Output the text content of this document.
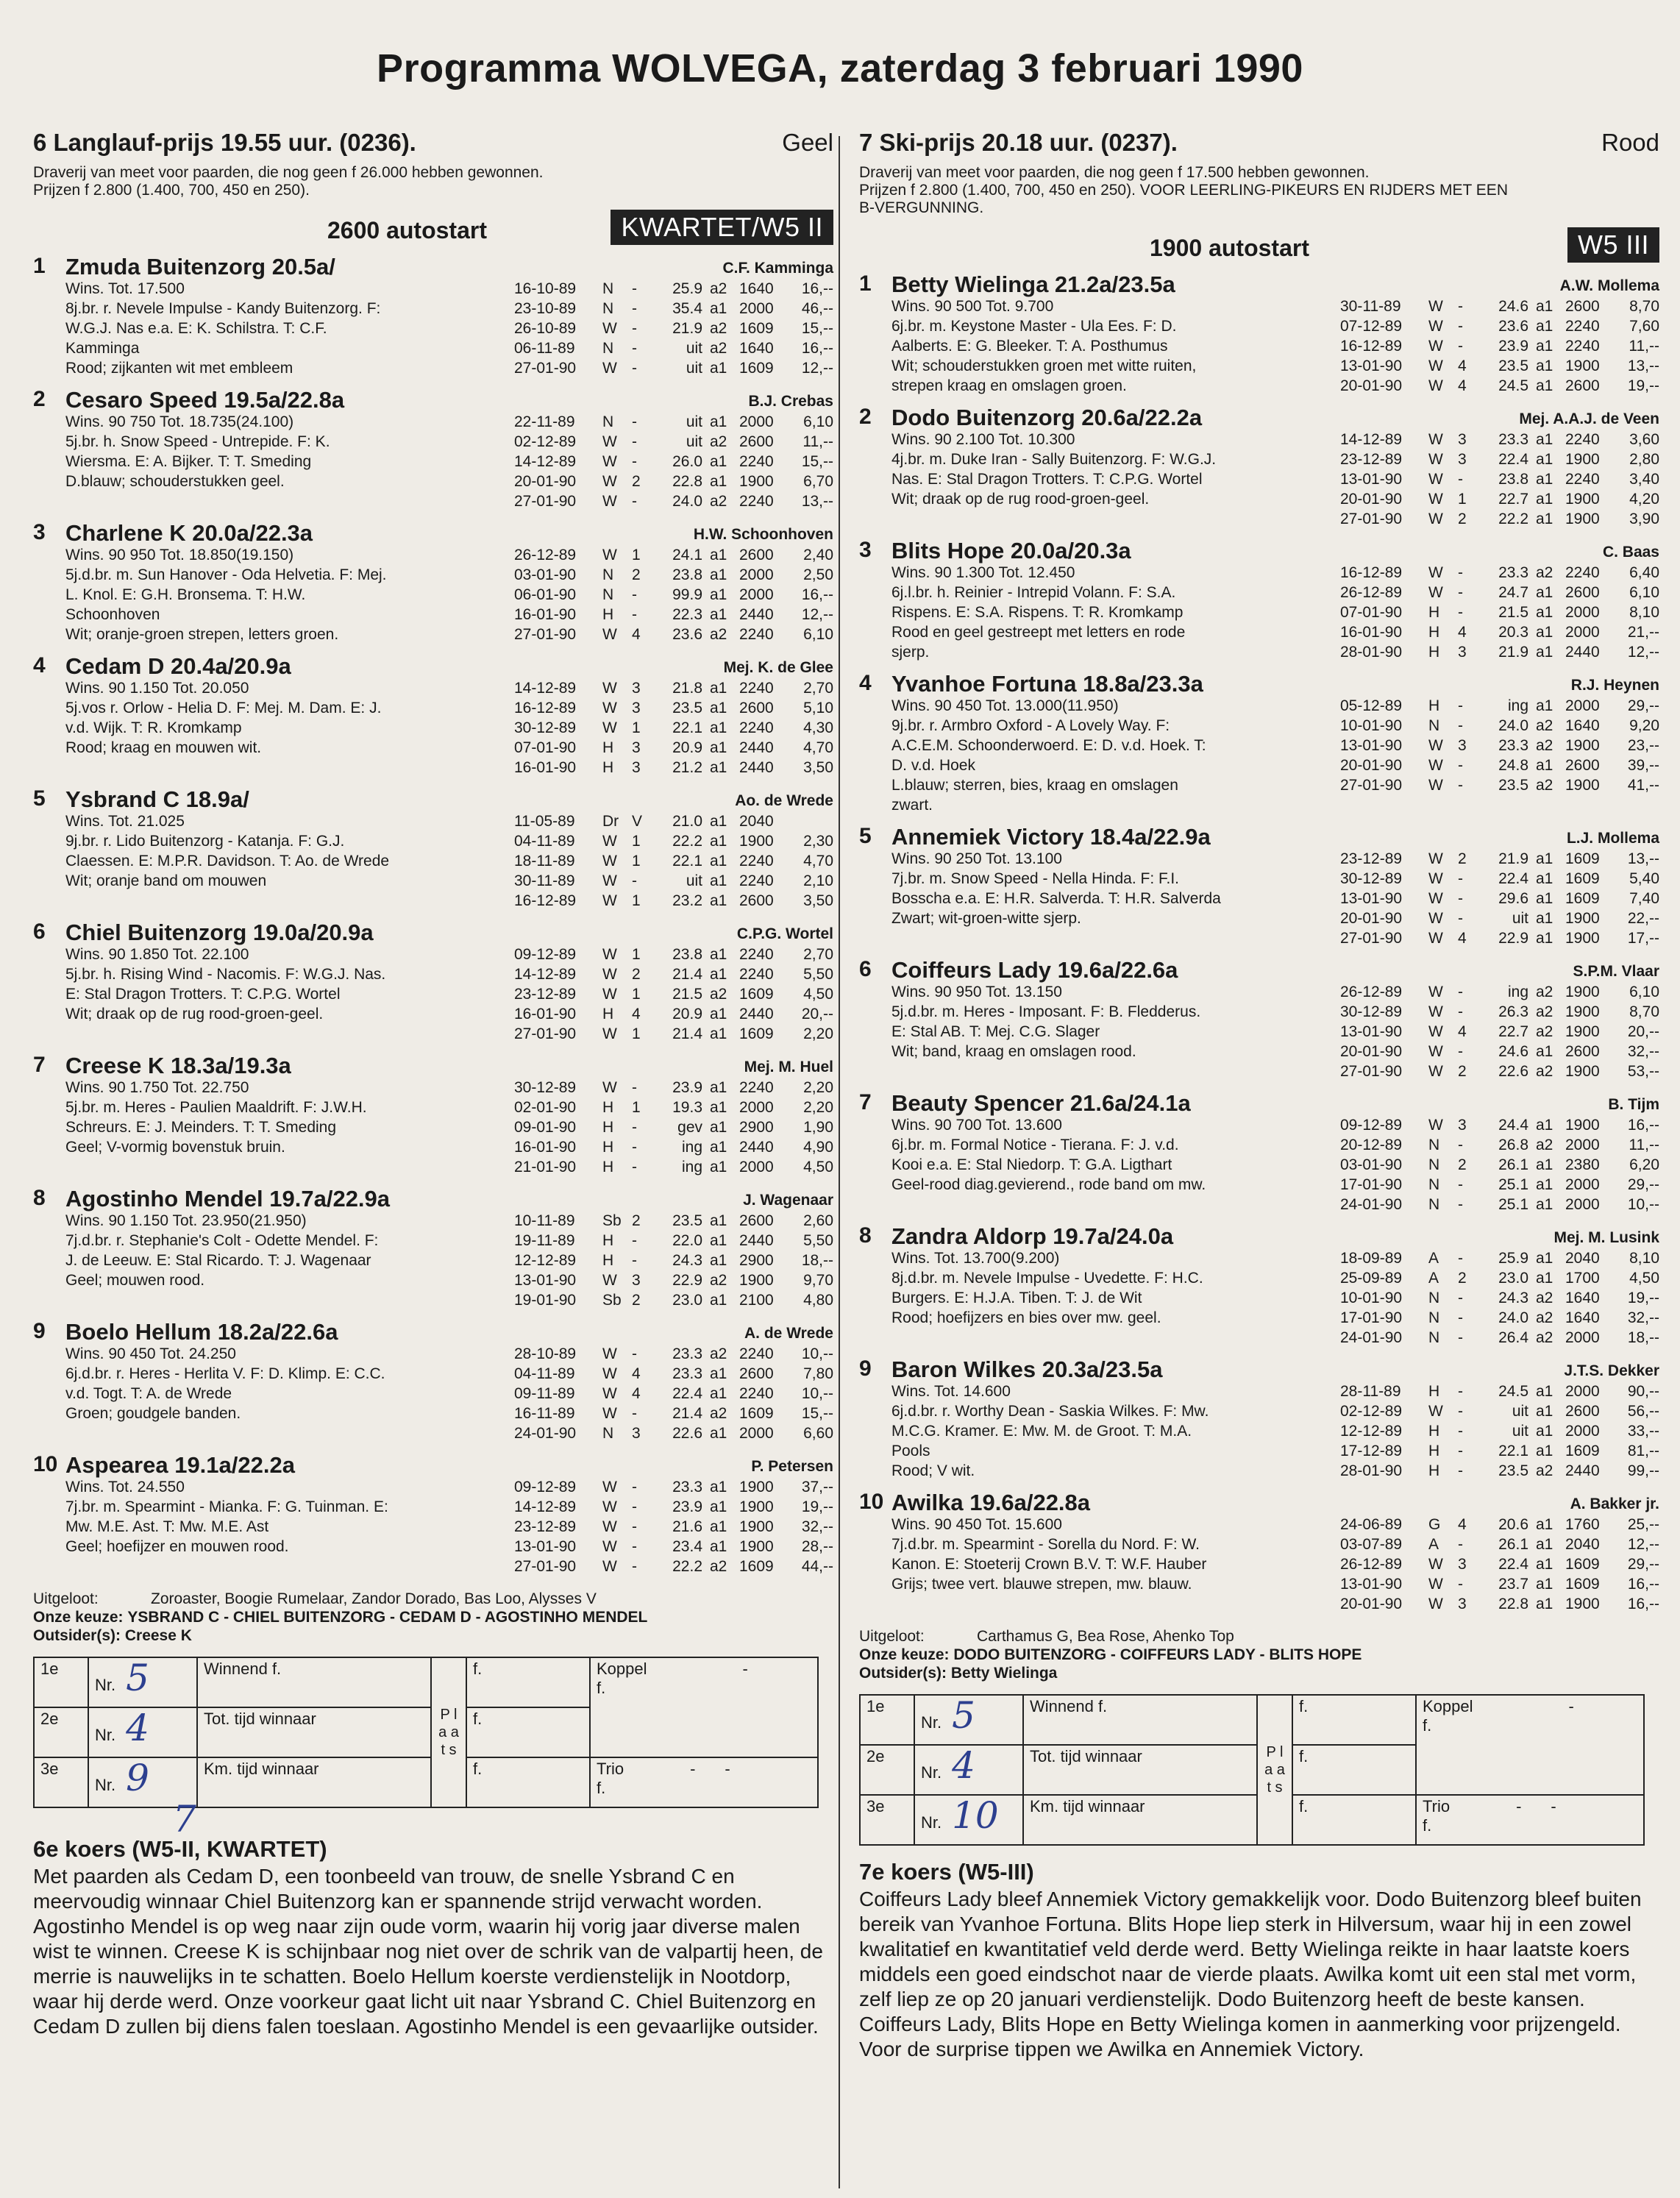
Programma WOLVEGA, zaterdag 3 februari 1990
6 Langlauf-prijs 19.55 uur. (0236).	Geel
Draverij van meet voor paarden, die nog geen f 26.000 hebben gewonnen.
Prijzen f 2.800 (1.400, 700, 450 en 250).
2600 autostart	KWARTET/W5 II
1 Zmuda Buitenzorg 20.5a/	C.F. Kamminga
Wins. Tot. 17.500
8j.br. r. Nevele Impulse - Kandy Buitenzorg. F:
W.G.J. Nas e.a. E: K. Schilstra. T: C.F.
Kamminga
Rood; zijkanten wit met embleem
16-10-89 N -	25.9 a2 1640	16,--
23-10-89 N -	35.4 a1 2000	46,--
26-10-89 W -	21.9 a2 1609	15,--
06-11-89 N -	uit a2 1640	16,--
27-01-90 W -	uit a1 1609	12,--
2 Cesaro Speed 19.5a/22.8a	B.J. Crebas
Wins. 90 750 Tot. 18.735(24.100)
5j.br. h. Snow Speed - Untrepide. F: K.
Wiersma. E: A. Bijker. T: T. Smeding
D.blauw; schouderstukken geel.
22-11-89 N -	uit a1 2000	6,10
02-12-89 W -	uit a2 2600	11,--
14-12-89 W -	26.0 a1 2240	15,--
20-01-90 W 2	22.8 a1 1900	6,70
27-01-90 W -	24.0 a2 2240	13,--
3 Charlene K 20.0a/22.3a	H.W. Schoonhoven
Wins. 90 950 Tot. 18.850(19.150)
5j.d.br. m. Sun Hanover - Oda Helvetia. F: Mej.
L. Knol. E: G.H. Bronsema. T: H.W.
Schoonhoven
Wit; oranje-groen strepen, letters groen.
26-12-89 W 1	24.1 a1 2600	2,40
03-01-90 N 2	23.8 a1 2000	2,50
06-01-90 N -	99.9 a1 2000	16,--
16-01-90 H -	22.3 a1 2440	12,--
27-01-90 W 4	23.6 a2 2240	6,10
4 Cedam D 20.4a/20.9a	Mej. K. de Glee
Wins. 90 1.150 Tot. 20.050
5j.vos r. Orlow - Helia D. F: Mej. M. Dam. E: J.
v.d. Wijk. T: R. Kromkamp
Rood; kraag en mouwen wit.
14-12-89 W 3	21.8 a1 2240	2,70
16-12-89 W 3	23.5 a1 2600	5,10
30-12-89 W 1	22.1 a1 2240	4,30
07-01-90 H 3	20.9 a1 2440	4,70
16-01-90 H 3	21.2 a1 2440	3,50
5 Ysbrand C 18.9a/	Ao. de Wrede
Wins. Tot. 21.025
9j.br. r. Lido Buitenzorg - Katanja. F: G.J.
Claessen. E: M.P.R. Davidson. T: Ao. de Wrede
Wit; oranje band om mouwen
11-05-89 Dr V	21.0 a1 2040
04-11-89 W 1	22.2 a1 1900	2,30
18-11-89 W 1	22.1 a1 2240	4,70
30-11-89 W -	uit a1 2240	2,10
16-12-89 W 1	23.2 a1 2600	3,50
6 Chiel Buitenzorg 19.0a/20.9a	C.P.G. Wortel
Wins. 90 1.850 Tot. 22.100
5j.br. h. Rising Wind - Nacomis. F: W.G.J. Nas.
E: Stal Dragon Trotters. T: C.P.G. Wortel
Wit; draak op de rug rood-groen-geel.
09-12-89 W 1	23.8 a1 2240	2,70
14-12-89 W 2	21.4 a1 2240	5,50
23-12-89 W 1	21.5 a2 1609	4,50
16-01-90 H 4	20.9 a1 2440	20,--
27-01-90 W 1	21.4 a1 1609	2,20
7 Creese K 18.3a/19.3a	Mej. M. Huel
Wins. 90 1.750 Tot. 22.750
5j.br. m. Heres - Paulien Maaldrift. F: J.W.H.
Schreurs. E: J. Meinders. T: T. Smeding
Geel; V-vormig bovenstuk bruin.
30-12-89 W -	23.9 a1 2240	2,20
02-01-90 H 1	19.3 a1 2000	2,20
09-01-90 H -	gev a1 2900	1,90
16-01-90 H -	ing a1 2440	4,90
21-01-90 H -	ing a1 2000	4,50
8 Agostinho Mendel 19.7a/22.9a	J. Wagenaar
Wins. 90 1.150 Tot. 23.950(21.950)
7j.d.br. r. Stephanie's Colt - Odette Mendel. F:
J. de Leeuw. E: Stal Ricardo. T: J. Wagenaar
Geel; mouwen rood.
10-11-89 Sb 2	23.5 a1 2600	2,60
19-11-89 H -	22.0 a1 2440	5,50
12-12-89 H -	24.3 a1 2900	18,--
13-01-90 W 3	22.9 a2 1900	9,70
19-01-90 Sb 2	23.0 a1 2100	4,80
9 Boelo Hellum 18.2a/22.6a	A. de Wrede
Wins. 90 450 Tot. 24.250
6j.d.br. r. Heres - Herlita V. F: D. Klimp. E: C.C.
v.d. Togt. T: A. de Wrede
Groen; goudgele banden.
28-10-89 W -	23.3 a2 2240	10,--
04-11-89 W 4	23.3 a1 2600	7,80
09-11-89 W 4	22.4 a1 2240	10,--
16-11-89 W -	21.4 a2 1609	15,--
24-01-90 N 3	22.6 a1 2000	6,60
10 Aspearea 19.1a/22.2a	P. Petersen
Wins. Tot. 24.550
7j.br. m. Spearmint - Mianka. F: G. Tuinman. E:
Mw. M.E. Ast. T: Mw. M.E. Ast
Geel; hoefijzer en mouwen rood.
09-12-89 W -	23.3 a1 1900	37,--
14-12-89 W -	23.9 a1 1900	19,--
23-12-89 W -	21.6 a1 1900	32,--
13-01-90 W -	23.4 a1 1900	28,--
27-01-90 W -	22.2 a2 1609	44,--
Uitgeloot:	Zoroaster, Boogie Rumelaar, Zandor Dorado, Bas Loo, Alysses V
Onze keuze: YSBRAND C - CHIEL BUITENZORG - CEDAM D - AGOSTINHO MENDEL
Outsider(s): Creese K
1e	Nr. 5	Winnend f.	P l a a t s	f.	Koppel -
f.
2e	Nr. 4	Tot. tijd winnaar		f.	
3e	Nr. 9	Km. tijd winnaar		f.	Trio - -
f.
7
6e koers (W5-II, KWARTET)
Met paarden als Cedam D, een toonbeeld van trouw, de snelle Ysbrand C en meervoudig winnaar Chiel Buitenzorg kan er spannende strijd verwacht worden. Agostinho Mendel is op weg naar zijn oude vorm, waarin hij vorig jaar diverse malen wist te winnen. Creese K is schijnbaar nog niet over de schrik van de valpartij heen, de merrie is nauwelijks in te schatten. Boelo Hellum koerste verdienstelijk in Nootdorp, waar hij derde werd. Onze voorkeur gaat licht uit naar Ysbrand C. Chiel Buitenzorg en Cedam D zullen bij diens falen toeslaan. Agostinho Mendel is een gevaarlijke outsider.
7 Ski-prijs 20.18 uur. (0237).	Rood
Draverij van meet voor paarden, die nog geen f 17.500 hebben gewonnen.
Prijzen f 2.800 (1.400, 700, 450 en 250). VOOR LEERLING-PIKEURS EN RIJDERS MET EEN
B-VERGUNNING.
1900 autostart	W5 III
1 Betty Wielinga 21.2a/23.5a	A.W. Mollema
Wins. 90 500 Tot. 9.700
6j.br. m. Keystone Master - Ula Ees. F: D.
Aalberts. E: G. Bleeker. T: A. Posthumus
Wit; schouderstukken groen met witte ruiten,
strepen kraag en omslagen groen.
30-11-89 W -	24.6 a1 2600	8,70
07-12-89 W -	23.6 a1 2240	7,60
16-12-89 W -	23.9 a1 2240	11,--
13-01-90 W 4	23.5 a1 1900	13,--
20-01-90 W 4	24.5 a1 2600	19,--
2 Dodo Buitenzorg 20.6a/22.2a	Mej. A.A.J. de Veen
Wins. 90 2.100 Tot. 10.300
4j.br. m. Duke Iran - Sally Buitenzorg. F: W.G.J.
Nas. E: Stal Dragon Trotters. T: C.P.G. Wortel
Wit; draak op de rug rood-groen-geel.
14-12-89 W 3	23.3 a1 2240	3,60
23-12-89 W 3	22.4 a1 1900	2,80
13-01-90 W -	23.8 a1 2240	3,40
20-01-90 W 1	22.7 a1 1900	4,20
27-01-90 W 2	22.2 a1 1900	3,90
3 Blits Hope 20.0a/20.3a	C. Baas
Wins. 90 1.300 Tot. 12.450
6j.l.br. h. Reinier - Intrepid Volann. F: S.A.
Rispens. E: S.A. Rispens. T: R. Kromkamp
Rood en geel gestreept met letters en rode
sjerp.
16-12-89 W -	23.3 a2 2240	6,40
26-12-89 W -	24.7 a1 2600	6,10
07-01-90 H -	21.5 a1 2000	8,10
16-01-90 H 4	20.3 a1 2000	21,--
28-01-90 H 3	21.9 a1 2440	12,--
4 Yvanhoe Fortuna 18.8a/23.3a	R.J. Heynen
Wins. 90 450 Tot. 13.000(11.950)
9j.br. r. Armbro Oxford - A Lovely Way. F:
A.C.E.M. Schoonderwoerd. E: D. v.d. Hoek. T:
D. v.d. Hoek
L.blauw; sterren, bies, kraag en omslagen
zwart.
05-12-89 H -	ing a1 2000	29,--
10-01-90 N -	24.0 a2 1640	9,20
13-01-90 W 3	23.3 a2 1900	23,--
20-01-90 W -	24.8 a1 2600	39,--
27-01-90 W -	23.5 a2 1900	41,--
5 Annemiek Victory 18.4a/22.9a	L.J. Mollema
Wins. 90 250 Tot. 13.100
7j.br. m. Snow Speed - Nella Hinda. F: F.I.
Bosscha e.a. E: H.R. Salverda. T: H.R. Salverda
Zwart; wit-groen-witte sjerp.
23-12-89 W 2	21.9 a1 1609	13,--
30-12-89 W -	22.4 a1 1609	5,40
13-01-90 W -	29.6 a1 1609	7,40
20-01-90 W -	uit a1 1900	22,--
27-01-90 W 4	22.9 a1 1900	17,--
6 Coiffeurs Lady 19.6a/22.6a	S.P.M. Vlaar
Wins. 90 950 Tot. 13.150
5j.d.br. m. Heres - Imposant. F: B. Fledderus.
E: Stal AB. T: Mej. C.G. Slager
Wit; band, kraag en omslagen rood.
26-12-89 W -	ing a2 1900	6,10
30-12-89 W -	26.3 a2 1900	8,70
13-01-90 W 4	22.7 a2 1900	20,--
20-01-90 W -	24.6 a1 2600	32,--
27-01-90 W 2	22.6 a2 1900	53,--
7 Beauty Spencer 21.6a/24.1a	B. Tijm
Wins. 90 700 Tot. 13.600
6j.br. m. Formal Notice - Tierana. F: J. v.d.
Kooi e.a. E: Stal Niedorp. T: G.A. Ligthart
Geel-rood diag.gevierend., rode band om mw.
09-12-89 W 3	24.4 a1 1900	16,--
20-12-89 N -	26.8 a2 2000	11,--
03-01-90 N 2	26.1 a1 2380	6,20
17-01-90 N -	25.1 a1 2000	29,--
24-01-90 N -	25.1 a1 2000	10,--
8 Zandra Aldorp 19.7a/24.0a	Mej. M. Lusink
Wins. Tot. 13.700(9.200)
8j.d.br. m. Nevele Impulse - Uvedette. F: H.C.
Burgers. E: H.J.A. Tiben. T: J. de Wit
Rood; hoefijzers en bies over mw. geel.
18-09-89 A -	25.9 a1 2040	8,10
25-09-89 A 2	23.0 a1 1700	4,50
10-01-90 N -	24.3 a2 1640	19,--
17-01-90 N -	24.0 a2 1640	32,--
24-01-90 N -	26.4 a2 2000	18,--
9 Baron Wilkes 20.3a/23.5a	J.T.S. Dekker
Wins. Tot. 14.600
6j.d.br. r. Worthy Dean - Saskia Wilkes. F: Mw.
M.C.G. Kramer. E: Mw. M. de Groot. T: M.A.
Pools
Rood; V wit.
28-11-89 H -	24.5 a1 2000	90,--
02-12-89 W -	uit a1 2600	56,--
12-12-89 H -	uit a1 2000	33,--
17-12-89 H -	22.1 a1 1609	81,--
28-01-90 H -	23.5 a2 2440	99,--
10 Awilka 19.6a/22.8a	A. Bakker jr.
Wins. 90 450 Tot. 15.600
7j.d.br. m. Spearmint - Sorella du Nord. F: W.
Kanon. E: Stoeterij Crown B.V. T: W.F. Hauber
Grijs; twee vert. blauwe strepen, mw. blauw.
24-06-89 G 4	20.6 a1 1760	25,--
03-07-89 A -	26.1 a1 2040	12,--
26-12-89 W 3	22.4 a1 1609	29,--
13-01-90 W -	23.7 a1 1609	16,--
20-01-90 W 3	22.8 a1 1900	16,--
Uitgeloot:	Carthamus G, Bea Rose, Ahenko Top
Onze keuze: DODO BUITENZORG - COIFFEURS LADY - BLITS HOPE
Outsider(s): Betty Wielinga
1e	Nr. 5	Winnend f.	P l a a t s	f.	Koppel -
f.
2e	Nr. 4	Tot. tijd winnaar		f.	
3e	Nr. 10	Km. tijd winnaar		f.	Trio - -
f.
7e koers (W5-III)
Coiffeurs Lady bleef Annemiek Victory gemakkelijk voor. Dodo Buitenzorg bleef buiten bereik van Yvanhoe Fortuna. Blits Hope liep sterk in Hilversum, waar hij in een zowel kwalitatief en kwantitatief veld derde werd. Betty Wielinga reikte in haar laatste koers middels een goed eindschot naar de vierde plaats. Awilka komt uit een stal met vorm, zelf liep ze op 20 januari verdienstelijk. Dodo Buitenzorg heeft de beste kansen. Coiffeurs Lady, Blits Hope en Betty Wielinga komen in aanmerking voor prijzengeld. Voor de surprise tippen we Awilka en Annemiek Victory.
